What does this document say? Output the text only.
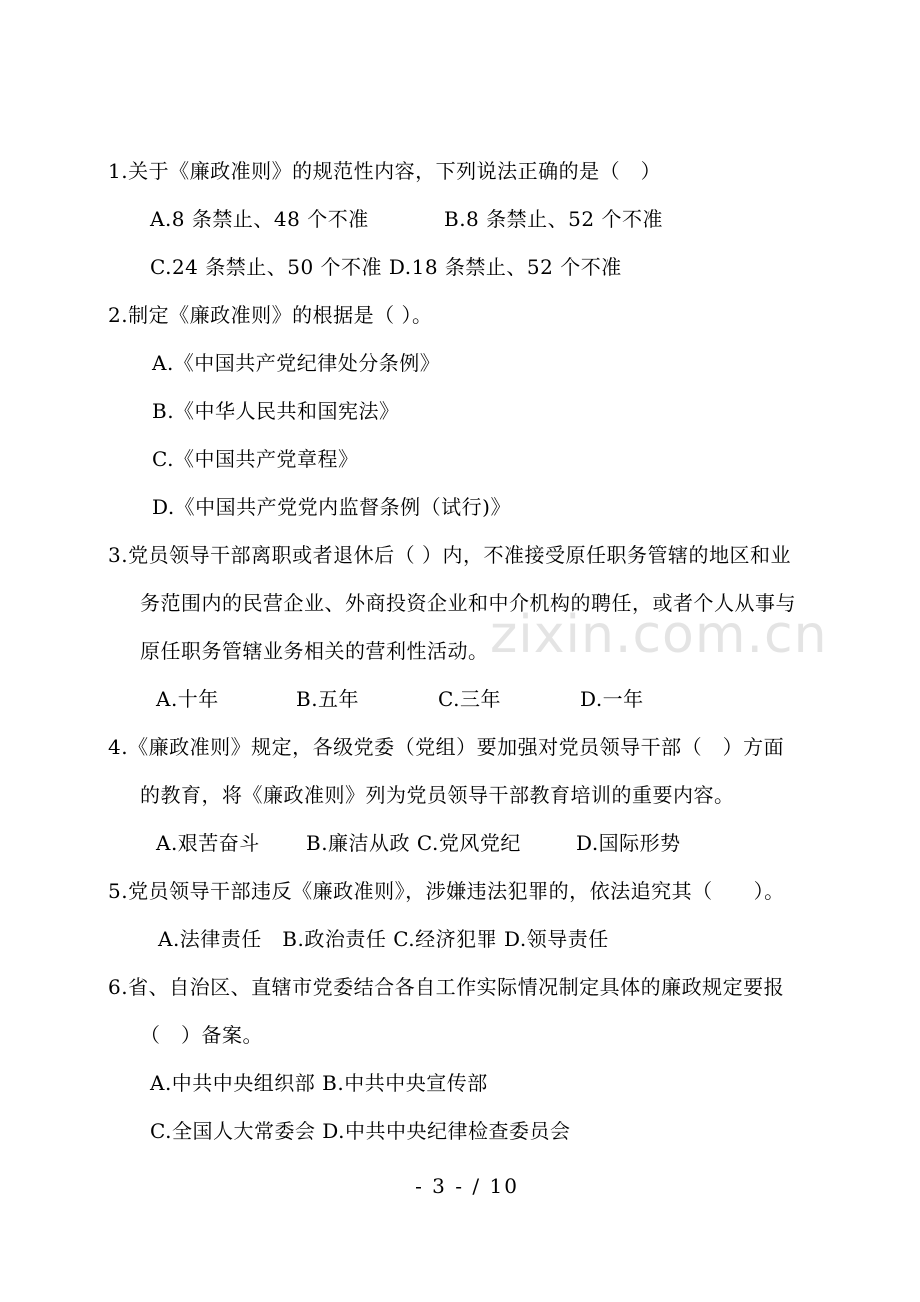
zixin.com.cn
1.关于《廉政准则》的规范性内容，下列说法正确的是（　）
A.8 条禁止、48 个不准	B.8 条禁止、52 个不准
C.24 条禁止、50 个不准 D.18 条禁止、52 个不准
2.制定《廉政准则》的根据是（ ）。
A.《中国共产党纪律处分条例》
B.《中华人民共和国宪法》
C.《中国共产党章程》
D.《中国共产党党内监督条例（试行)》
3.党员领导干部离职或者退休后（ ）内，不准接受原任职务管辖的地区和业
务范围内的民营企业、外商投资企业和中介机构的聘任，或者个人从事与
原任职务管辖业务相关的营利性活动。
A.十年	B.五年	C.三年	D.一年
4.《廉政准则》规定，各级党委（党组）要加强对党员领导干部（　）方面
的教育，将《廉政准则》列为党员领导干部教育培训的重要内容。
A.艰苦奋斗 B.廉洁从政 C.党风党纪	D.国际形势
5.党员领导干部违反《廉政准则》，涉嫌违法犯罪的，依法追究其（　　）。
A.法律责任　B.政治责任 C.经济犯罪 D.领导责任
6.省、自治区、直辖市党委结合各自工作实际情况制定具体的廉政规定要报
（　）备案。
A.中共中央组织部 B.中共中央宣传部
C.全国人大常委会 D.中共中央纪律检查委员会
- 3 - / 10
